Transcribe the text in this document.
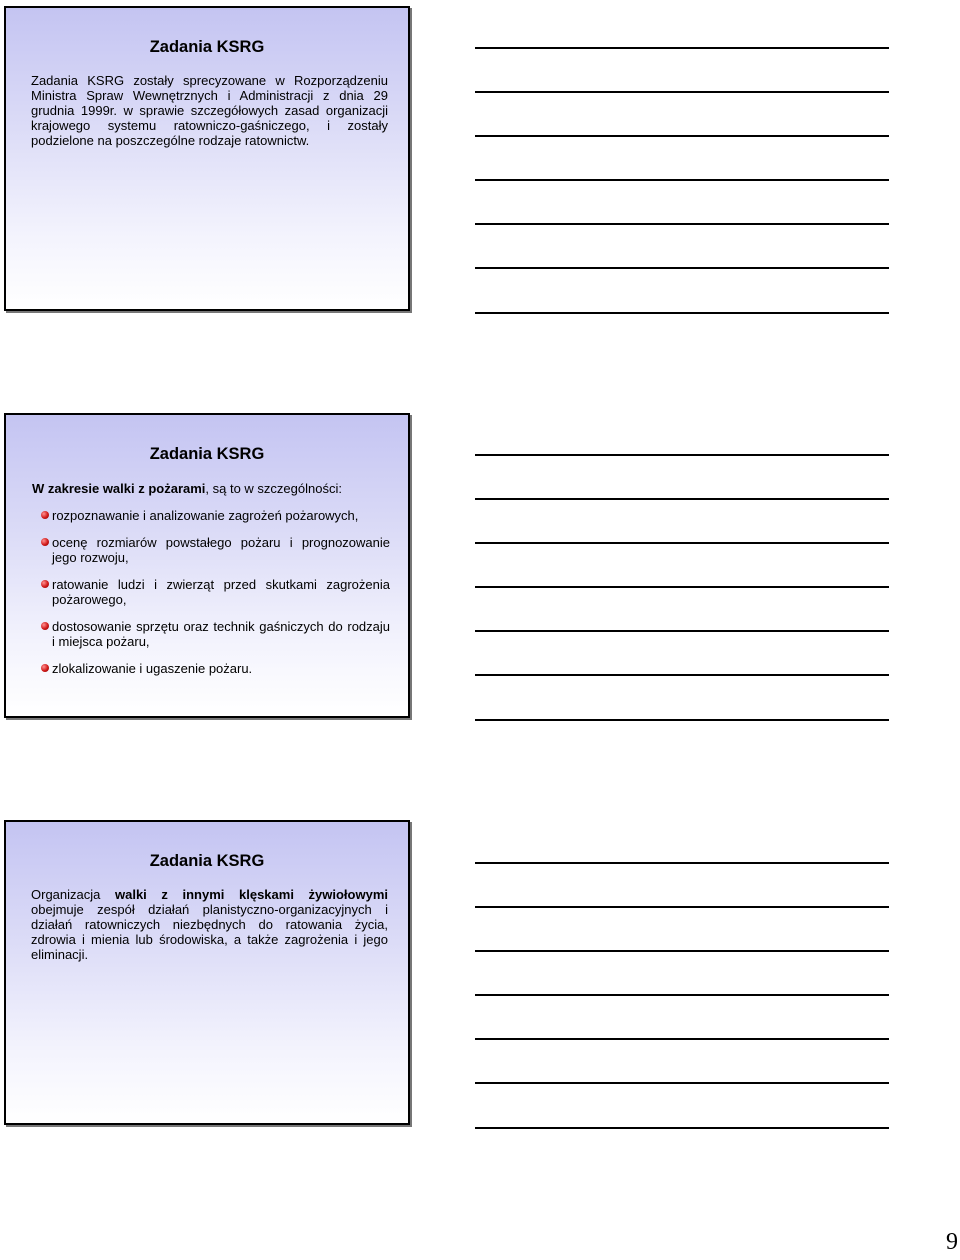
Zadania KSRG
Zadania KSRG zostały sprecyzowane w Rozporządzeniu Ministra Spraw Wewnętrznych i Administracji z dnia 29 grudnia 1999r. w sprawie szczegółowych zasad organizacji krajowego systemu ratowniczo-gaśniczego, i zostały podzielone na poszczególne rodzaje ratownictw.
Zadania KSRG

W zakresie walki z pożarami, są to w szczególności:

rozpoznawanie i analizowanie zagrożeń pożarowych,
ocenę rozmiarów powstałego pożaru i prognozowanie jego rozwoju,
ratowanie ludzi i zwierząt przed skutkami zagrożenia pożarowego,
dostosowanie sprzętu oraz technik gaśniczych do rodzaju i miejsca pożaru,
zlokalizowanie i ugaszenie pożaru.
Zadania KSRG
Organizacja walki z innymi klęskami żywiołowymi obejmuje zespół działań planistyczno-organizacyjnych i działań ratowniczych niezbędnych do ratowania życia, zdrowia i mienia lub środowiska, a także zagrożenia i jego eliminacji.
9
